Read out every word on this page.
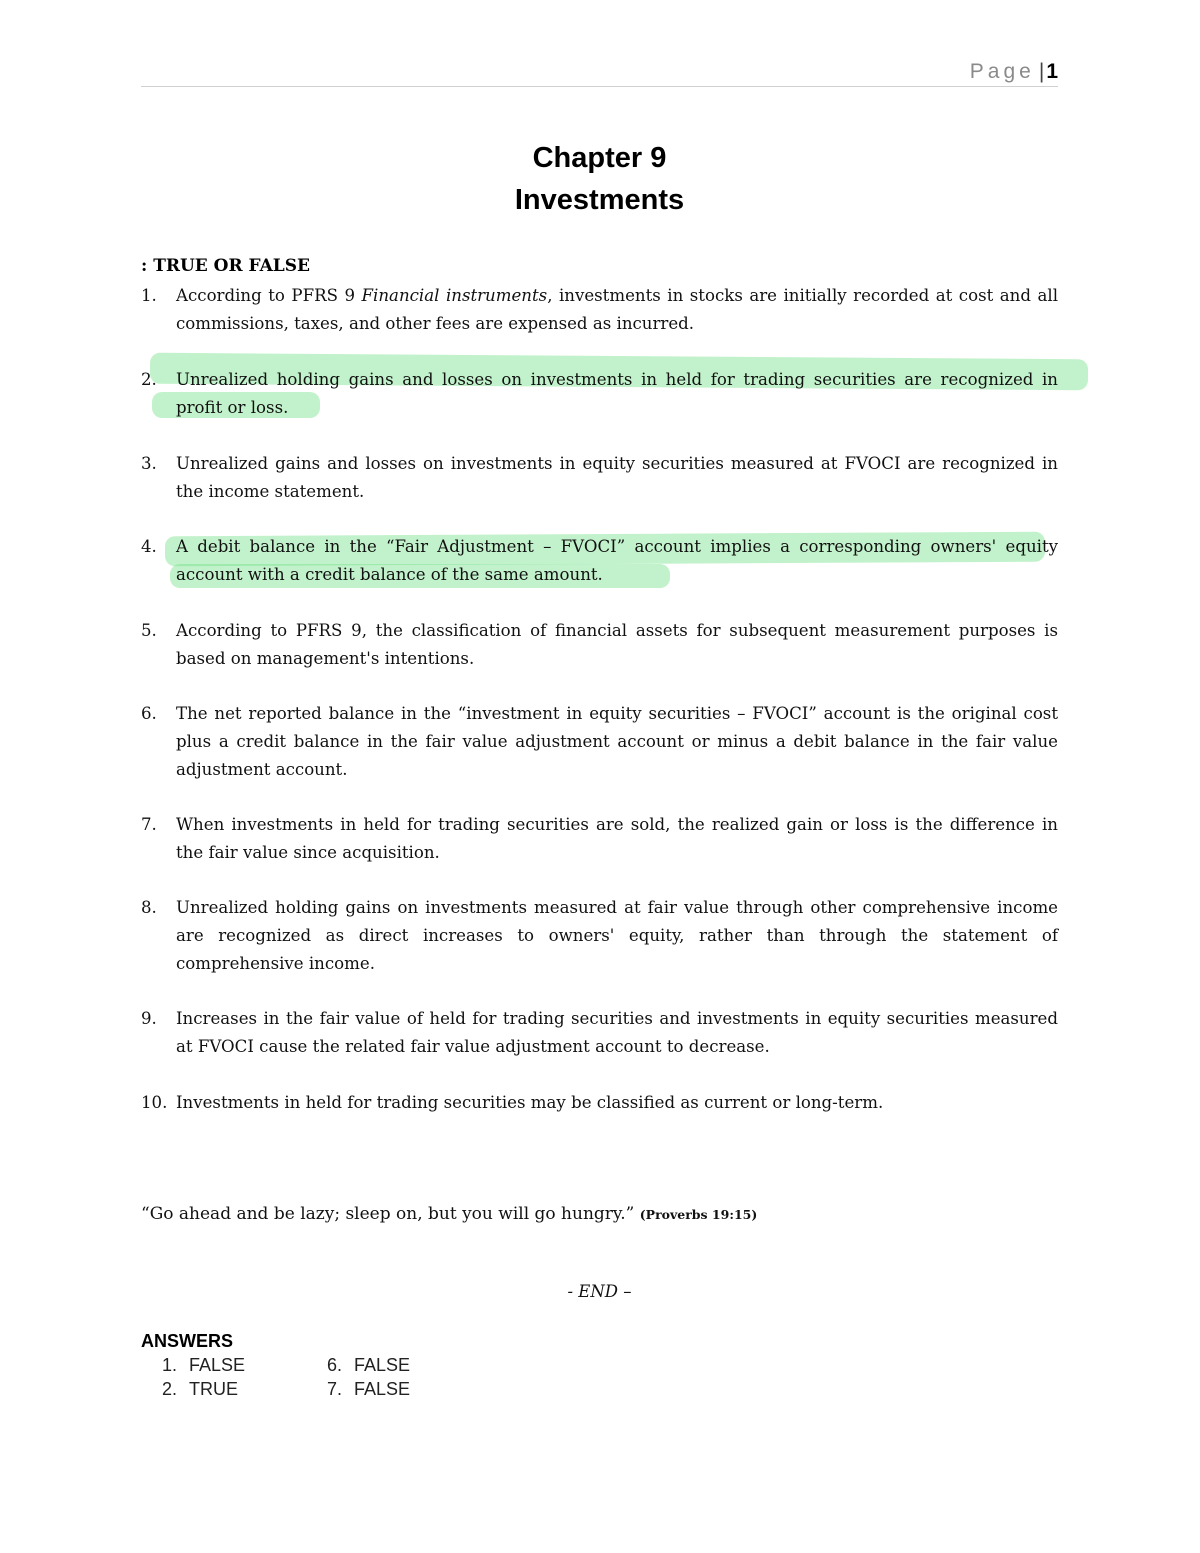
Page |1
Chapter 9
Investments
: TRUE OR FALSE
1. According to PFRS 9 Financial instruments, investments in stocks are initially recorded at cost and all commissions, taxes, and other fees are expensed as incurred.
2. Unrealized holding gains and losses on investments in held for trading securities are recognized in profit or loss.
3. Unrealized gains and losses on investments in equity securities measured at FVOCI are recognized in the income statement.
4. A debit balance in the “Fair Adjustment – FVOCI” account implies a corresponding owners' equity account with a credit balance of the same amount.
5. According to PFRS 9, the classification of financial assets for subsequent measurement purposes is based on management's intentions.
6. The net reported balance in the “investment in equity securities – FVOCI” account is the original cost plus a credit balance in the fair value adjustment account or minus a debit balance in the fair value adjustment account.
7. When investments in held for trading securities are sold, the realized gain or loss is the difference in the fair value since acquisition.
8. Unrealized holding gains on investments measured at fair value through other comprehensive income are recognized as direct increases to owners' equity, rather than through the statement of comprehensive income.
9. Increases in the fair value of held for trading securities and investments in equity securities measured at FVOCI cause the related fair value adjustment account to decrease.
10. Investments in held for trading securities may be classified as current or long-term.
“Go ahead and be lazy; sleep on, but you will go hungry.” (Proverbs 19:15)
- END –
ANSWERS
1. FALSE
2. TRUE
6. FALSE
7. FALSE
